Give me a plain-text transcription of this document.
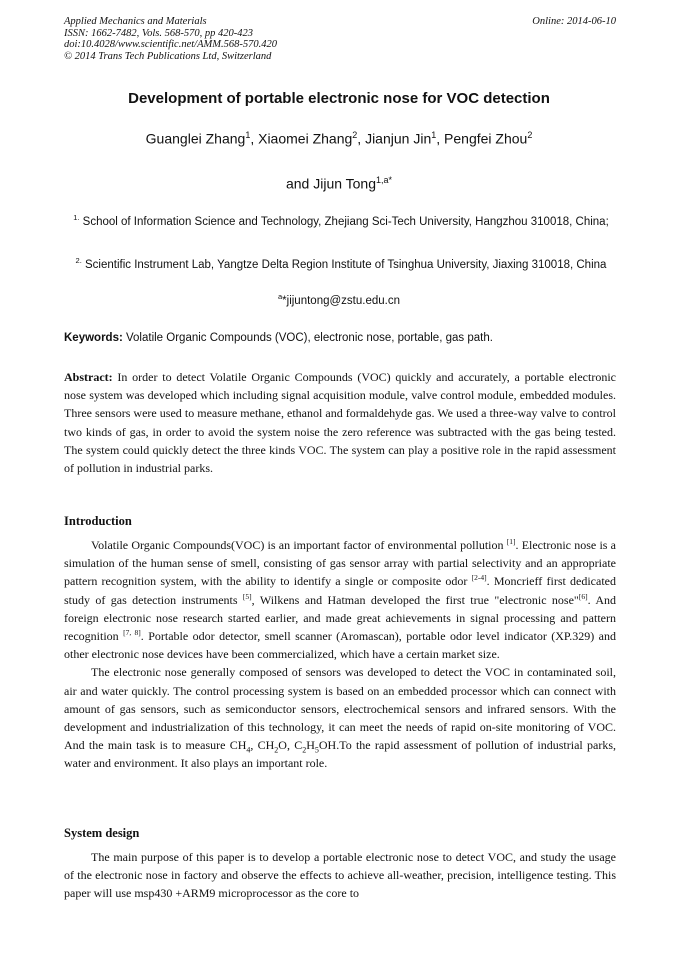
Applied Mechanics and Materials
ISSN: 1662-7482, Vols. 568-570, pp 420-423
doi:10.4028/www.scientific.net/AMM.568-570.420
© 2014 Trans Tech Publications Ltd, Switzerland
Online: 2014-06-10
Development of portable electronic nose for VOC detection
Guanglei Zhang$^1$, Xiaomei Zhang$^2$, Jianjun Jin$^1$, Pengfei Zhou$^2$
and Jijun Tong$^{1,a*}$
$^{1.}$ School of Information Science and Technology, Zhejiang Sci-Tech University, Hangzhou 310018, China;
$^{2.}$ Scientific Instrument Lab, Yangtze Delta Region Institute of Tsinghua University, Jiaxing 310018, China
$^a$*jijuntong@zstu.edu.cn
Keywords: Volatile Organic Compounds (VOC), electronic nose, portable, gas path.

Abstract: In order to detect Volatile Organic Compounds (VOC) quickly and accurately, a portable electronic nose system was developed which including signal acquisition module, valve control module, embedded modules. Three sensors were used to measure methane, ethanol and formaldehyde gas. We used a three-way valve to control two kinds of gas, in order to avoid the system noise the zero reference was subtracted with the gas being tested. The system could quickly detect the three kinds VOC. The system can play a positive role in the rapid assessment of pollution in industrial parks.

Introduction

Volatile Organic Compounds(VOC) is an important factor of environmental pollution [1]. Electronic nose is a simulation of the human sense of smell, consisting of gas sensor array with partial selectivity and an appropriate pattern recognition system, with the ability to identify a single or composite odor [2-4]. Moncrieff first dedicated study of gas detection instruments [5], Wilkens and Hatman developed the first true "electronic nose"[6]. And foreign electronic nose research started earlier, and made great achievements in signal processing and pattern recognition [7, 8]. Portable odor detector, smell scanner (Aromascan), portable odor level indicator (XP.329) and other electronic nose devices have been commercialized, which have a certain market size.

The electronic nose generally composed of sensors was developed to detect the VOC in contaminated soil, air and water quickly. The control processing system is based on an embedded processor which can connect with amount of gas sensors, such as semiconductor sensors, electrochemical sensors and infrared sensors. With the development and industrialization of this technology, it can meet the needs of rapid on-site monitoring of VOC. And the main task is to measure $CH_4$, $CH_2O$, $C_2H_5OH.To$ the rapid assessment of pollution of industrial parks, water and environment. It also plays an important role.

System design

The main purpose of this paper is to develop a portable electronic nose to detect VOC, and study the usage of the electronic nose in factory and observe the effects to achieve all-weather, precision, intelligence testing. This paper will use msp430 +ARM9 microprocessor as the core to
